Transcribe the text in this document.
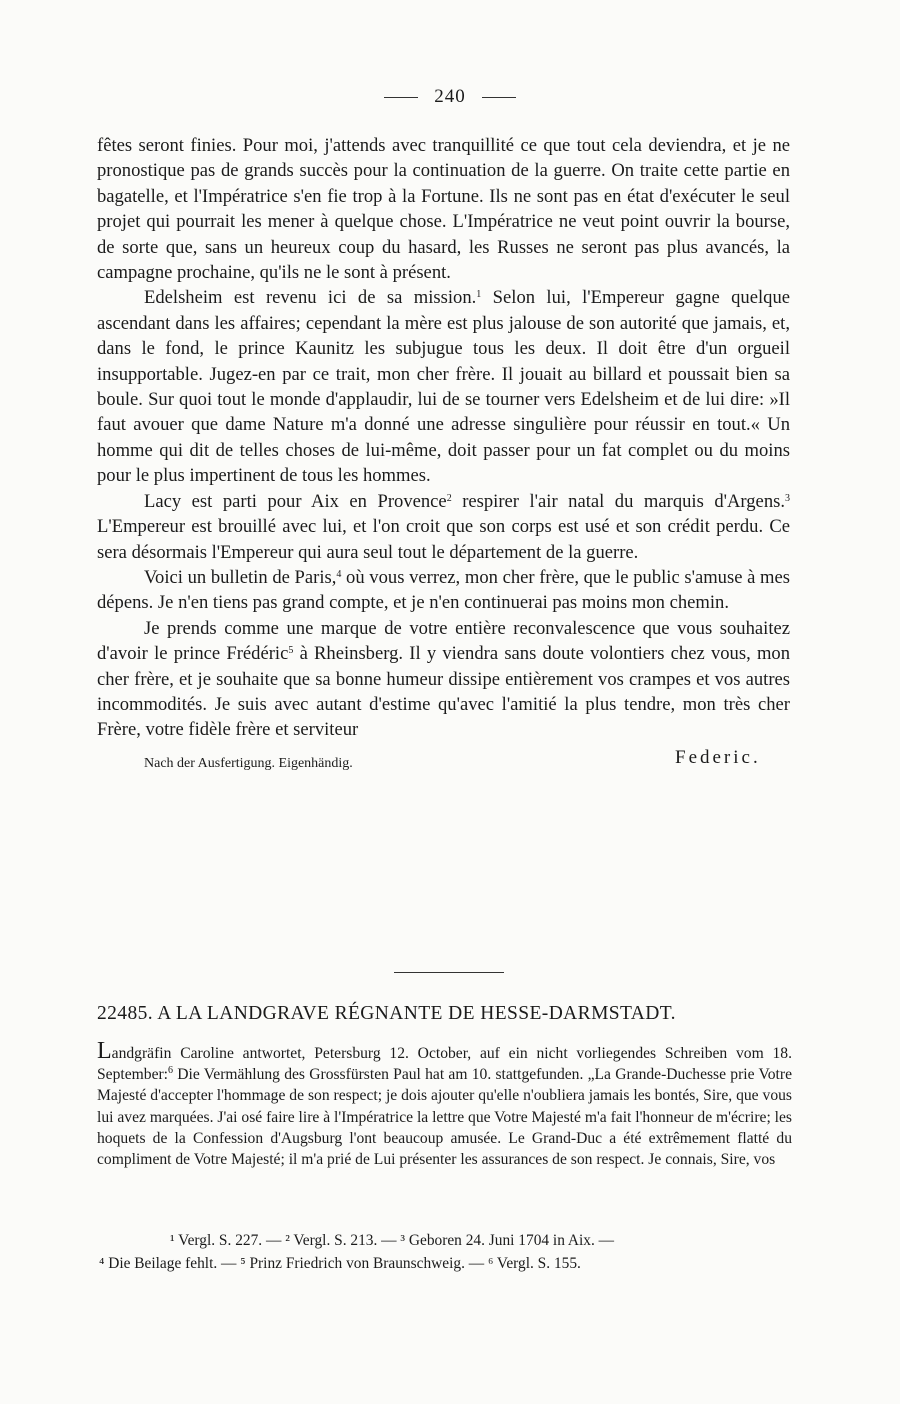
240

fêtes seront finies. Pour moi, j'attends avec tranquillité ce que tout cela deviendra, et je ne pronostique pas de grands succès pour la continuation de la guerre. On traite cette partie en bagatelle, et l'Impératrice s'en fie trop à la Fortune. Ils ne sont pas en état d'exécuter le seul projet qui pourrait les mener à quelque chose. L'Impératrice ne veut point ouvrir la bourse, de sorte que, sans un heureux coup du hasard, les Russes ne seront pas plus avancés, la campagne prochaine, qu'ils ne le sont à présent.

Edelsheim est revenu ici de sa mission.$^1$ Selon lui, l'Empereur gagne quelque ascendant dans les affaires; cependant la mère est plus jalouse de son autorité que jamais, et, dans le fond, le prince Kaunitz les subjugue tous les deux. Il doit être d'un orgueil insupportable. Jugez-en par ce trait, mon cher frère. Il jouait au billard et poussait bien sa boule. Sur quoi tout le monde d'applaudir, lui de se tourner vers Edelsheim et de lui dire: »Il faut avouer que dame Nature m'a donné une adresse singulière pour réussir en tout.« Un homme qui dit de telles choses de lui-même, doit passer pour un fat complet ou du moins pour le plus impertinent de tous les hommes.

Lacy est parti pour Aix en Provence$^2$ respirer l'air natal du marquis d'Argens.$^3$ L'Empereur est brouillé avec lui, et l'on croit que son corps est usé et son crédit perdu. Ce sera désormais l'Empereur qui aura seul tout le département de la guerre.

Voici un bulletin de Paris,$^4$ où vous verrez, mon cher frère, que le public s'amuse à mes dépens. Je n'en tiens pas grand compte, et je n'en continuerai pas moins mon chemin.

Je prends comme une marque de votre entière reconvalescence que vous souhaitez d'avoir le prince Frédéric$^5$ à Rheinsberg. Il y viendra sans doute volontiers chez vous, mon cher frère, et je souhaite que sa bonne humeur dissipe entièrement vos crampes et vos autres incommodités. Je suis avec autant d'estime qu'avec l'amitié la plus tendre, mon très cher Frère, votre fidèle frère et serviteur

Nach der Ausfertigung. Eigenhändig.	Federic.
22485. A LA LANDGRAVE RÉGNANTE DE HESSE-DARMSTADT.

Landgräfin Caroline antwortet, Petersburg 12. October, auf ein nicht vorliegendes Schreiben vom 18. September:$^6$ Die Vermählung des Grossfürsten Paul hat am 10. stattgefunden. „La Grande-Duchesse prie Votre Majesté d'accepter l'hommage de son respect; je dois ajouter qu'elle n'oubliera jamais les bontés, Sire, que vous lui avez marquées. J'ai osé faire lire à l'Impératrice la lettre que Votre Majesté m'a fait l'honneur de m'écrire; les hoquets de la Confession d'Augsburg l'ont beaucoup amusée. Le Grand-Duc a été extrêmement flatté du compliment de Votre Majesté; il m'a prié de Lui présenter les assurances de son respect. Je connais, Sire, vos

¹ Vergl. S. 227. — ² Vergl. S. 213. — ³ Geboren 24. Juni 1704 in Aix. —
⁴ Die Beilage fehlt. — ⁵ Prinz Friedrich von Braunschweig. — ⁶ Vergl. S. 155.
